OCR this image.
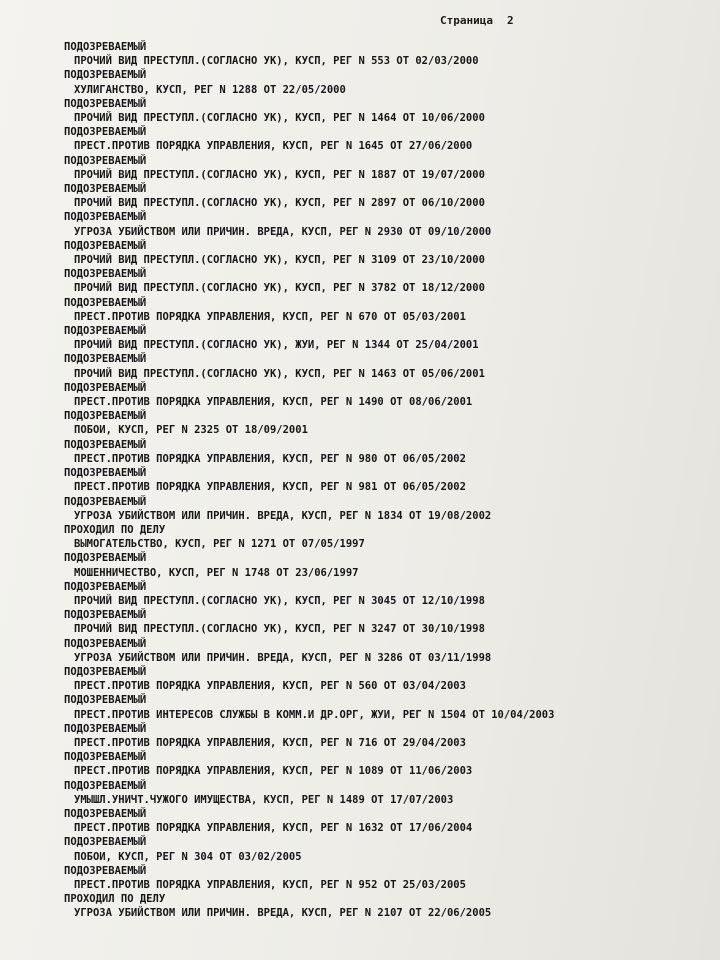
Страница 2
ПОДОЗРЕВАЕМЫЙ
ПРОЧИЙ ВИД ПРЕСТУПЛ.(СОГЛАСНО УК), КУСП, РЕГ N 553 ОТ 02/03/2000
ПОДОЗРЕВАЕМЫЙ
ХУЛИГАНСТВО, КУСП, РЕГ N 1288 ОТ 22/05/2000
ПОДОЗРЕВАЕМЫЙ
ПРОЧИЙ ВИД ПРЕСТУПЛ.(СОГЛАСНО УК), КУСП, РЕГ N 1464 ОТ 10/06/2000
ПОДОЗРЕВАЕМЫЙ
ПРЕСТ.ПРОТИВ ПОРЯДКА УПРАВЛЕНИЯ, КУСП, РЕГ N 1645 ОТ 27/06/2000
ПОДОЗРЕВАЕМЫЙ
ПРОЧИЙ ВИД ПРЕСТУПЛ.(СОГЛАСНО УК), КУСП, РЕГ N 1887 ОТ 19/07/2000
ПОДОЗРЕВАЕМЫЙ
ПРОЧИЙ ВИД ПРЕСТУПЛ.(СОГЛАСНО УК), КУСП, РЕГ N 2897 ОТ 06/10/2000
ПОДОЗРЕВАЕМЫЙ
УГРОЗА УБИЙСТВОМ ИЛИ ПРИЧИН. ВРЕДА, КУСП, РЕГ N 2930 ОТ 09/10/2000
ПОДОЗРЕВАЕМЫЙ
ПРОЧИЙ ВИД ПРЕСТУПЛ.(СОГЛАСНО УК), КУСП, РЕГ N 3109 ОТ 23/10/2000
ПОДОЗРЕВАЕМЫЙ
ПРОЧИЙ ВИД ПРЕСТУПЛ.(СОГЛАСНО УК), КУСП, РЕГ N 3782 ОТ 18/12/2000
ПОДОЗРЕВАЕМЫЙ
ПРЕСТ.ПРОТИВ ПОРЯДКА УПРАВЛЕНИЯ, КУСП, РЕГ N 670 ОТ 05/03/2001
ПОДОЗРЕВАЕМЫЙ
ПРОЧИЙ ВИД ПРЕСТУПЛ.(СОГЛАСНО УК), ЖУИ, РЕГ N 1344 ОТ 25/04/2001
ПОДОЗРЕВАЕМЫЙ
ПРОЧИЙ ВИД ПРЕСТУПЛ.(СОГЛАСНО УК), КУСП, РЕГ N 1463 ОТ 05/06/2001
ПОДОЗРЕВАЕМЫЙ
ПРЕСТ.ПРОТИВ ПОРЯДКА УПРАВЛЕНИЯ, КУСП, РЕГ N 1490 ОТ 08/06/2001
ПОДОЗРЕВАЕМЫЙ
ПОБОИ, КУСП, РЕГ N 2325 ОТ 18/09/2001
ПОДОЗРЕВАЕМЫЙ
ПРЕСТ.ПРОТИВ ПОРЯДКА УПРАВЛЕНИЯ, КУСП, РЕГ N 980 ОТ 06/05/2002
ПОДОЗРЕВАЕМЫЙ
ПРЕСТ.ПРОТИВ ПОРЯДКА УПРАВЛЕНИЯ, КУСП, РЕГ N 981 ОТ 06/05/2002
ПОДОЗРЕВАЕМЫЙ
УГРОЗА УБИЙСТВОМ ИЛИ ПРИЧИН. ВРЕДА, КУСП, РЕГ N 1834 ОТ 19/08/2002
ПРОХОДИЛ ПО ДЕЛУ
ВЫМОГАТЕЛЬСТВО, КУСП, РЕГ N 1271 ОТ 07/05/1997
ПОДОЗРЕВАЕМЫЙ
МОШЕННИЧЕСТВО, КУСП, РЕГ N 1748 ОТ 23/06/1997
ПОДОЗРЕВАЕМЫЙ
ПРОЧИЙ ВИД ПРЕСТУПЛ.(СОГЛАСНО УК), КУСП, РЕГ N 3045 ОТ 12/10/1998
ПОДОЗРЕВАЕМЫЙ
ПРОЧИЙ ВИД ПРЕСТУПЛ.(СОГЛАСНО УК), КУСП, РЕГ N 3247 ОТ 30/10/1998
ПОДОЗРЕВАЕМЫЙ
УГРОЗА УБИЙСТВОМ ИЛИ ПРИЧИН. ВРЕДА, КУСП, РЕГ N 3286 ОТ 03/11/1998
ПОДОЗРЕВАЕМЫЙ
ПРЕСТ.ПРОТИВ ПОРЯДКА УПРАВЛЕНИЯ, КУСП, РЕГ N 560 ОТ 03/04/2003
ПОДОЗРЕВАЕМЫЙ
ПРЕСТ.ПРОТИВ ИНТЕРЕСОВ СЛУЖБЫ В КОММ.И ДР.ОРГ, ЖУИ, РЕГ N 1504 ОТ 10/04/2003
ПОДОЗРЕВАЕМЫЙ
ПРЕСТ.ПРОТИВ ПОРЯДКА УПРАВЛЕНИЯ, КУСП, РЕГ N 716 ОТ 29/04/2003
ПОДОЗРЕВАЕМЫЙ
ПРЕСТ.ПРОТИВ ПОРЯДКА УПРАВЛЕНИЯ, КУСП, РЕГ N 1089 ОТ 11/06/2003
ПОДОЗРЕВАЕМЫЙ
УМЫШЛ.УНИЧТ.ЧУЖОГО ИМУЩЕСТВА, КУСП, РЕГ N 1489 ОТ 17/07/2003
ПОДОЗРЕВАЕМЫЙ
ПРЕСТ.ПРОТИВ ПОРЯДКА УПРАВЛЕНИЯ, КУСП, РЕГ N 1632 ОТ 17/06/2004
ПОДОЗРЕВАЕМЫЙ
ПОБОИ, КУСП, РЕГ N 304 ОТ 03/02/2005
ПОДОЗРЕВАЕМЫЙ
ПРЕСТ.ПРОТИВ ПОРЯДКА УПРАВЛЕНИЯ, КУСП, РЕГ N 952 ОТ 25/03/2005
ПРОХОДИЛ ПО ДЕЛУ
УГРОЗА УБИЙСТВОМ ИЛИ ПРИЧИН. ВРЕДА, КУСП, РЕГ N 2107 ОТ 22/06/2005
